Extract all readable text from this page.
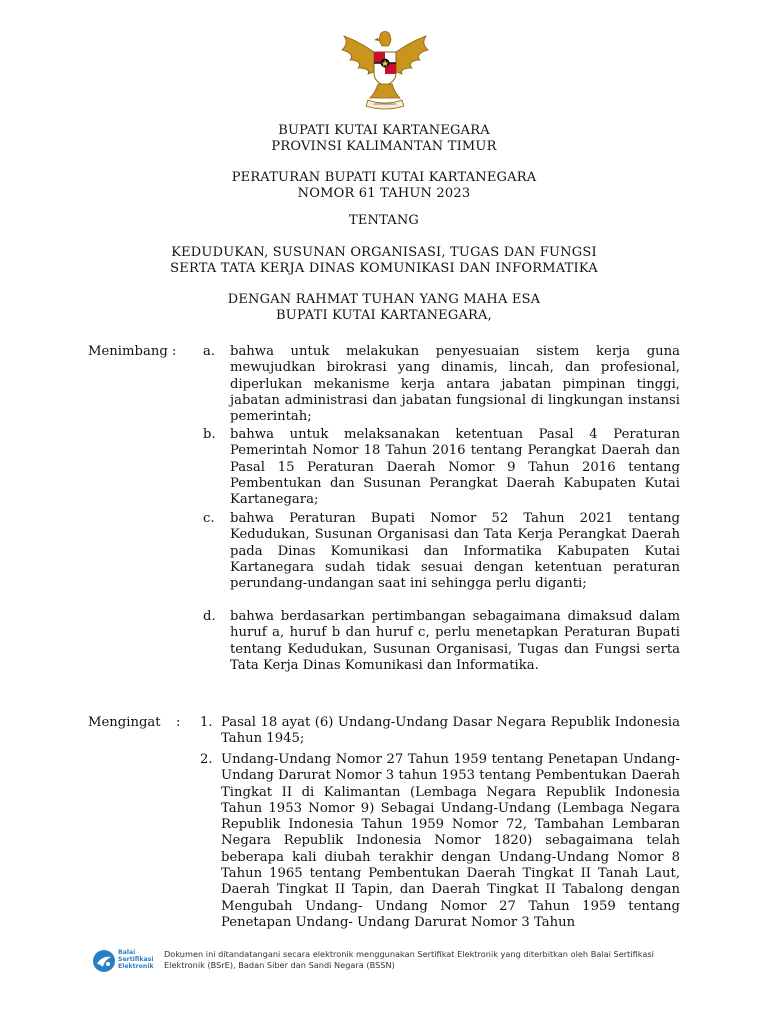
BUPATI KUTAI KARTANEGARA
PROVINSI KALIMANTAN TIMUR
PERATURAN BUPATI KUTAI KARTANEGARA
NOMOR 61 TAHUN 2023
TENTANG
KEDUDUKAN, SUSUNAN ORGANISASI, TUGAS DAN FUNGSI
SERTA TATA KERJA DINAS KOMUNIKASI DAN INFORMATIKA
DENGAN RAHMAT TUHAN YANG MAHA ESA
BUPATI KUTAI KARTANEGARA,
Menimbang : a. bahwa untuk melakukan penyesuaian sistem kerja guna mewujudkan birokrasi yang dinamis, lincah, dan profesional, diperlukan mekanisme kerja antara jabatan pimpinan tinggi, jabatan administrasi dan jabatan fungsional di lingkungan instansi pemerintah;
b. bahwa untuk melaksanakan ketentuan Pasal 4 Peraturan Pemerintah Nomor 18 Tahun 2016 tentang Perangkat Daerah dan Pasal 15 Peraturan Daerah Nomor 9 Tahun 2016 tentang Pembentukan dan Susunan Perangkat Daerah Kabupaten Kutai Kartanegara;
c. bahwa Peraturan Bupati Nomor 52 Tahun 2021 tentang Kedudukan, Susunan Organisasi dan Tata Kerja Perangkat Daerah pada Dinas Komunikasi dan Informatika Kabupaten Kutai Kartanegara sudah tidak sesuai dengan ketentuan peraturan perundang-undangan saat ini sehingga perlu diganti;
d. bahwa berdasarkan pertimbangan sebagaimana dimaksud dalam huruf a, huruf b dan huruf c, perlu menetapkan Peraturan Bupati tentang Kedudukan, Susunan Organisasi, Tugas dan Fungsi serta Tata Kerja Dinas Komunikasi dan Informatika.
Mengingat : 1. Pasal 18 ayat (6) Undang-Undang Dasar Negara Republik Indonesia Tahun 1945;
2. Undang-Undang Nomor 27 Tahun 1959 tentang Penetapan Undang-Undang Darurat Nomor 3 tahun 1953 tentang Pembentukan Daerah Tingkat II di Kalimantan (Lembaga Negara Republik Indonesia Tahun 1953 Nomor 9) Sebagai Undang-Undang (Lembaga Negara Republik Indonesia Tahun 1959 Nomor 72, Tambahan Lembaran Negara Republik Indonesia Nomor 1820) sebagaimana telah beberapa kali diubah terakhir dengan Undang-Undang Nomor 8 Tahun 1965 tentang Pembentukan Daerah Tingkat II Tanah Laut, Daerah Tingkat II Tapin, dan Daerah Tingkat II Tabalong dengan Mengubah Undang- Undang Nomor 27 Tahun 1959 tentang Penetapan Undang- Undang Darurat Nomor 3 Tahun
Balai Sertifikasi Elektronik
Dokumen ini ditandatangani secara elektronik menggunakan Sertifikat Elektronik yang diterbitkan oleh Balai Sertifikasi Elektronik (BSrE), Badan Siber dan Sandi Negara (BSSN)
